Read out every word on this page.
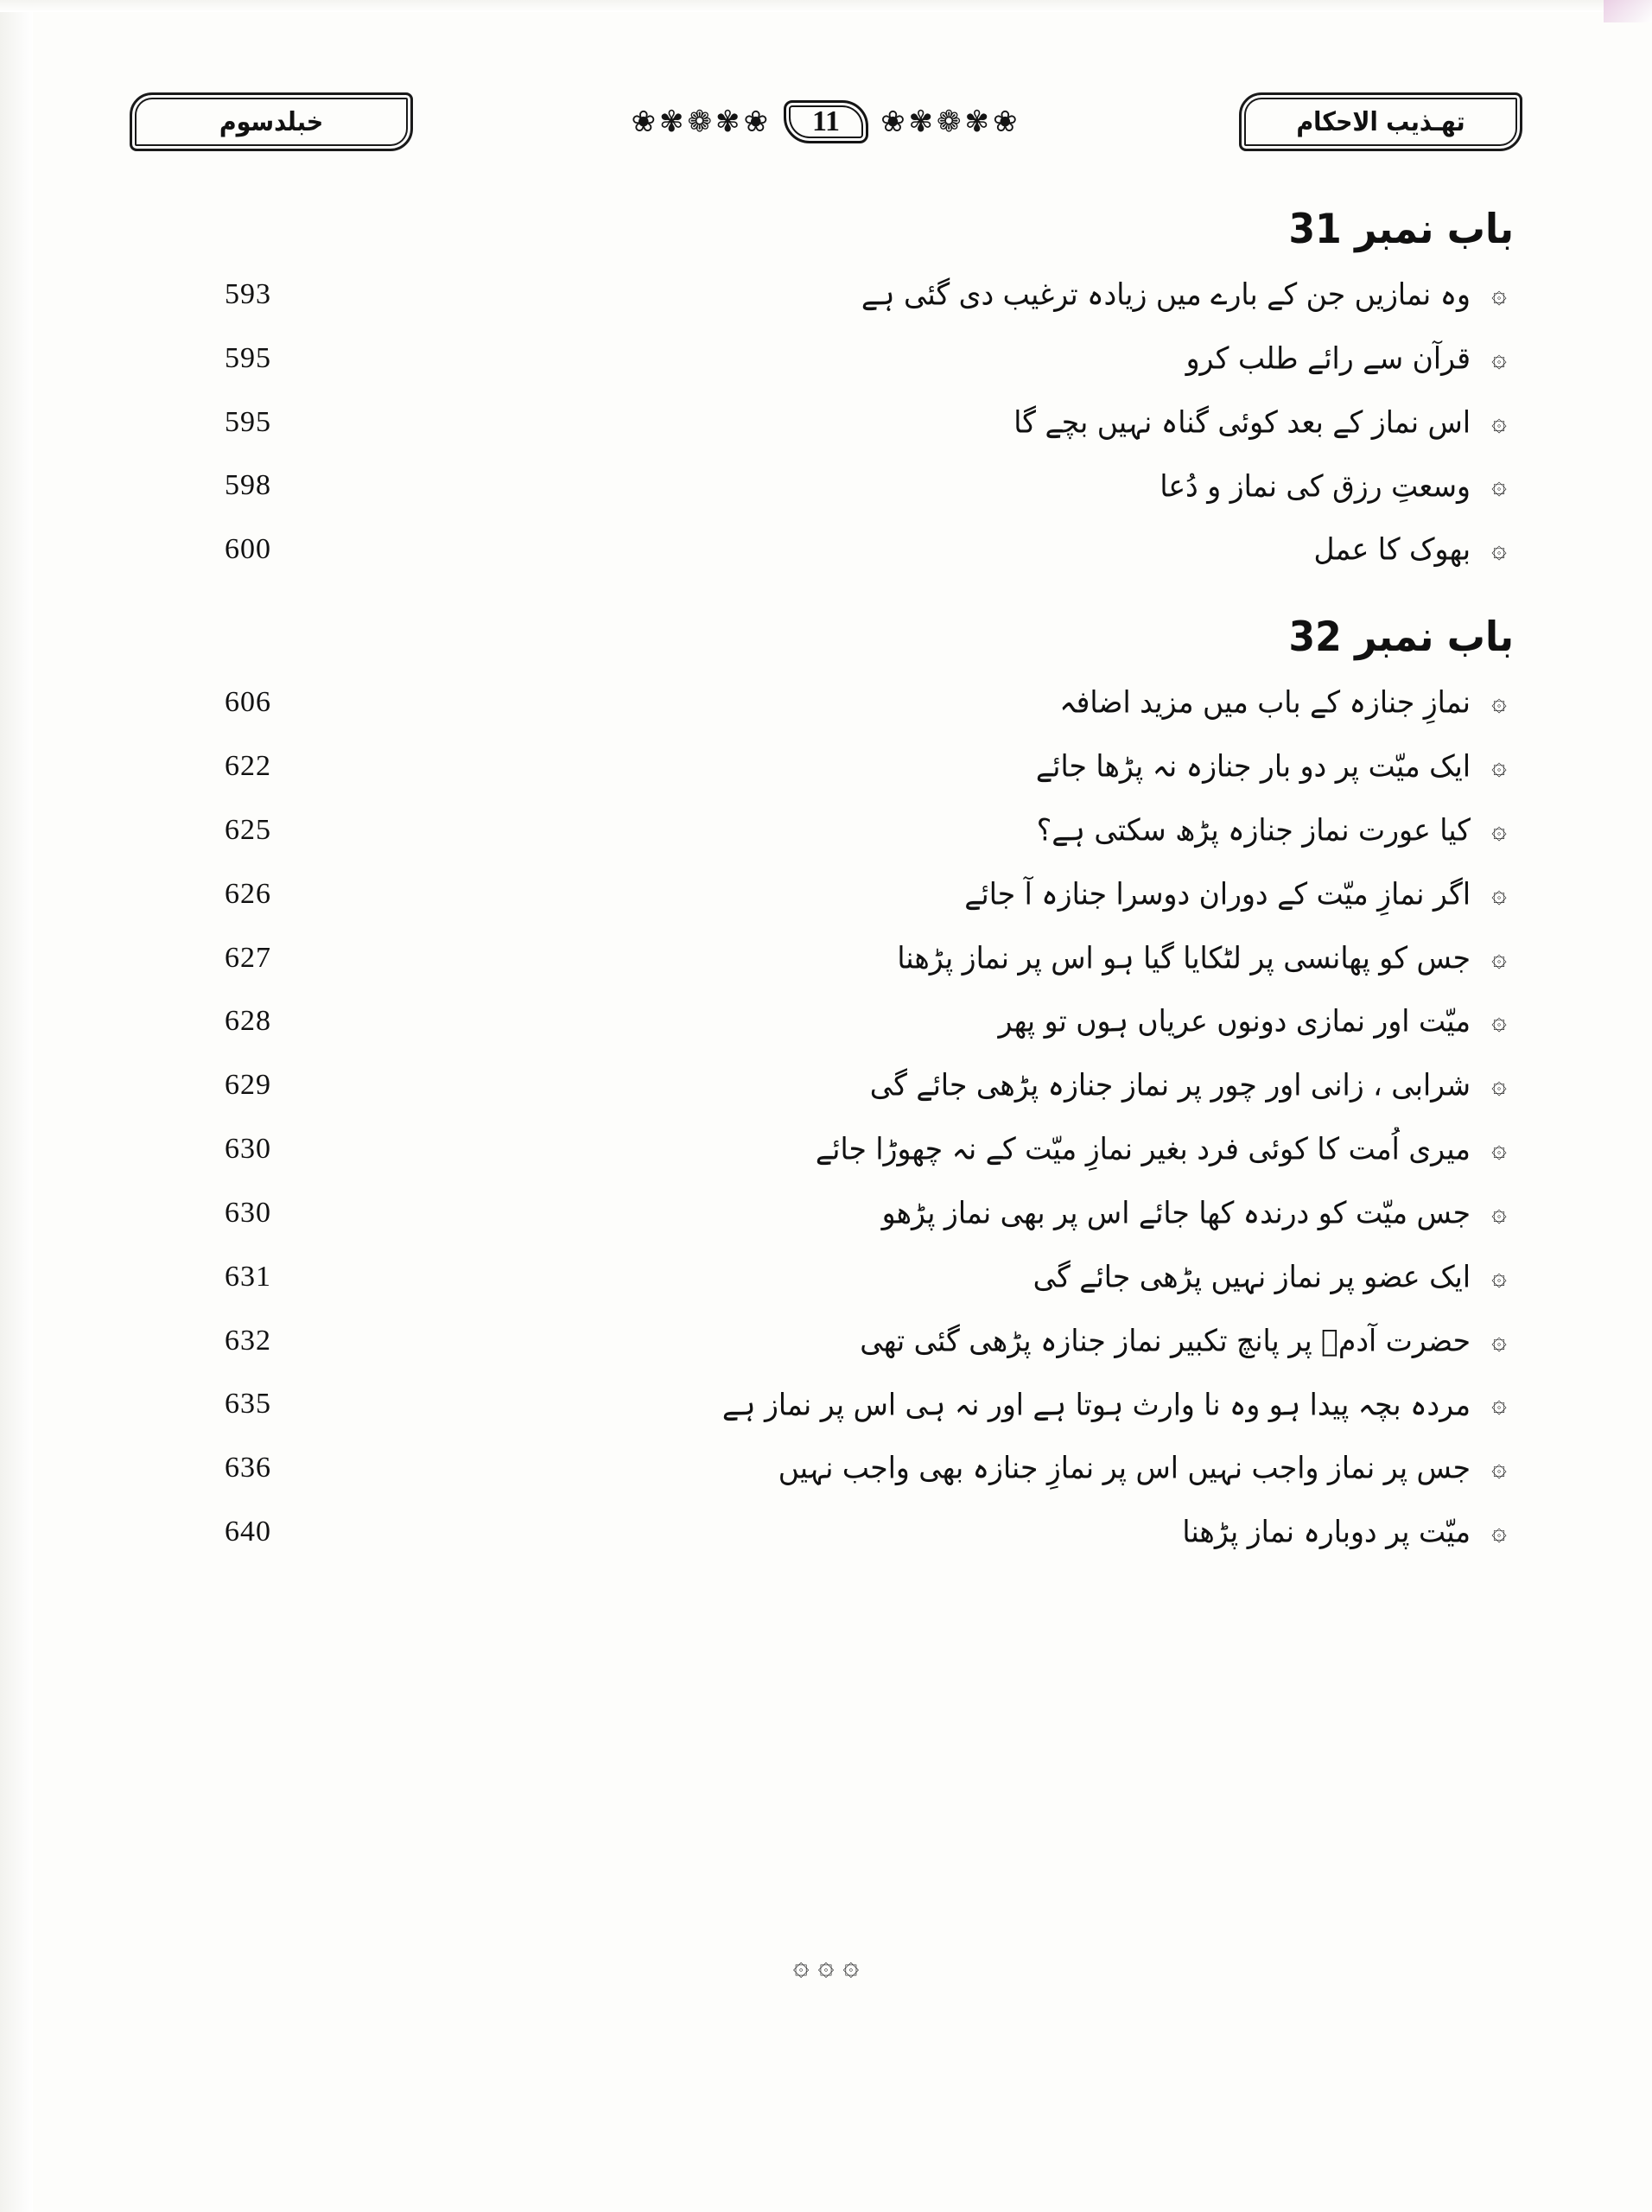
تهـذيب الاحكام
❀✾❁✾❀
11
❀✾❁✾❀
خبلدسوم
باب نمبر 31
۞
وہ نمازیں جن کے بارے میں زیادہ ترغیب دی گئی ہے
593
۞
قرآن سے رائے طلب کرو
595
۞
اس نماز کے بعد کوئی گناہ نہیں بچے گا
595
۞
وسعتِ رزق کی نماز و دُعا
598
۞
بھوک کا عمل
600
باب نمبر 32
۞
نمازِ جنازہ کے باب میں مزید اضافہ
606
۞
ایک میّت پر دو بار جنازہ نہ پڑھا جائے
622
۞
کیا عورت نماز جنازہ پڑھ سکتی ہے؟
625
۞
اگر نمازِ میّت کے دوران دوسرا جنازہ آ جائے
626
۞
جس کو پھانسی پر لٹکایا گیا ہو اس پر نماز پڑھنا
627
۞
میّت اور نمازی دونوں عریاں ہوں تو پھر
628
۞
شرابی ، زانی اور چور پر نماز جنازہ پڑھی جائے گی
629
۞
میری اُمت کا کوئی فرد بغیر نمازِ میّت کے نہ چھوڑا جائے
630
۞
جس میّت کو درندہ کھا جائے اس پر بھی نماز پڑھو
630
۞
ایک عضو پر نماز نہیں پڑھی جائے گی
631
۞
حضرت آدمؑ پر پانچ تکبیر نماز جنازہ پڑھی گئی تھی
632
۞
مردہ بچہ پیدا ہو وہ نا وارث ہوتا ہے اور نہ ہی اس پر نماز ہے
635
۞
جس پر نماز واجب نہیں اس پر نمازِ جنازہ بھی واجب نہیں
636
۞
میّت پر دوبارہ نماز پڑھنا
640
۞ ۞ ۞
